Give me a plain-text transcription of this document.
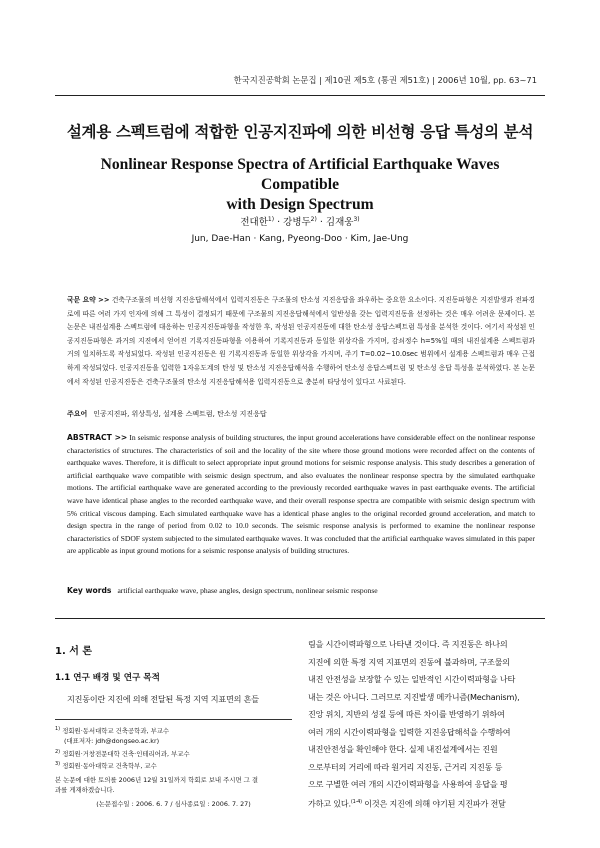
한국지진공학회 논문집 | 제10권 제5호 (통권 제51호) | 2006년 10월, pp. 63~71
설계용 스펙트럼에 적합한 인공지진파에 의한 비선형 응답 특성의 분석
Nonlinear Response Spectra of Artificial Earthquake Waves Compatible
with Design Spectrum
전대한$^{1)}$ · 강병두$^{2)}$ · 김재웅$^{3)}$
Jun, Dae-Han · Kang, Pyeong-Doo · Kim, Jae-Ung

국문 요약 >> 건축구조물의 비선형 지진응답해석에서 입력지진동은 구조물의 탄소성 지진응답을 좌우하는 중요한 요소이다. 지진동파형은 지진발생과 전파경로에 따른 여러 가지 인자에 의해 그 특성이 결정되기 때문에 구조물의 지진응답해석에서 일반성을 갖는 입력지진동을 선정하는 것은 매우 어려운 문제이다. 본 논문은 내진설계용 스펙트럼에 대응하는 인공지진동파형을 작성한 후, 작성된 인공지진동에 대한 탄소성 응답스펙트럼 특성을 분석한 것이다. 여기서 작성된 인공지진동파형은 과거의 지진에서 얻어진 기록지진동파형을 이용하여 기록지진동과 동일한 위상각을 가지며, 감쇠정수 h=5%일 때의 내진설계용 스펙트럼과 거의 일치하도록 작성되었다. 작성된 인공지진동은 원 기록지진동과 동일한 위상각을 가지며, 주기 T=0.02~10.0sec 범위에서 설계용 스펙트럼과 매우 근접하게 작성되었다. 인공지진동을 입력한 1자유도계의 탄성 및 탄소성 지진응답해석을 수행하여 탄소성 응답스펙트럼 및 탄소성 응답 특성을 분석하였다. 본 논문에서 작성된 인공지진동은 건축구조물의 탄소성 지진응답해석용 입력지진동으로 충분히 타당성이 있다고 사료된다.

주요어 인공지진파, 위상특성, 설계용 스펙트럼, 탄소성 지진응답

ABSTRACT >> In seismic response analysis of building structures, the input ground accelerations have considerable effect on the nonlinear response characteristics of structures. The characteristics of soil and the locality of the site where those ground motions were recorded affect on the contents of earthquake waves. Therefore, it is difficult to select appropriate input ground motions for seismic response analysis. This study describes a generation of artificial earthquake wave compatible with seismic design spectrum, and also evaluates the nonlinear response spectra by the simulated earthquake motions. The artificial earthquake wave are generated according to the previously recorded earthquake waves in past earthquake events. The artificial wave have identical phase angles to the recorded earthquake wave, and their overall response spectra are compatible with seismic design spectrum with 5% critical viscous damping. Each simulated earthquake wave has a identical phase angles to the original recorded ground acceleration, and match to design spectra in the range of period from 0.02 to 10.0 seconds. The seismic response analysis is performed to examine the nonlinear response characteristics of SDOF system subjected to the simulated earthquake waves. It was concluded that the artificial earthquake waves simulated in this paper are applicable as input ground motions for a seismic response analysis of building structures.

Key words artificial earthquake wave, phase angles, design spectrum, nonlinear seismic response

1. 서 론

1.1 연구 배경 및 연구 목적

지진동이란 지진에 의해 전달된 특정 지역 지표면의 흔들

$^{1)}$ 정회원·동서대학교 건축공학과, 부교수

(대표저자: jdh@dongseo.ac.kr)

$^{2)}$ 정회원·거창전문대학 건축·인테리어과, 부교수

$^{3)}$ 정회원·동아대학교 건축학부, 교수

본 논문에 대한 토의를 2006년 12월 31일까지 학회로 보내 주시면 그 결

과를 게재하겠습니다.

(논문접수일 : 2006. 6. 7 / 심사종료일 : 2006. 7. 27)

림을 시간이력파형으로 나타낸 것이다. 즉 지진동은 하나의

지진에 의한 특정 지역 지표면의 진동에 불과하며, 구조물의

내진 안전성을 보장할 수 있는 일반적인 시간이력파형을 나타

내는 것은 아니다. 그러므로 지진발생 메카니즘(Mechanism),

진앙 위치, 지반의 성질 등에 따른 차이를 반영하기 위하여

여러 개의 시간이력파형을 입력한 지진응답해석을 수행하여

내진안전성을 확인해야 한다. 실제 내진설계에서는 진원

으로부터의 거리에 따라 원거리 지진동, 근거리 지진동 등

으로 구별한 여러 개의 시간이력파형을 사용하여 응답을 평

가하고 있다.$^{(1-4)}$ 이것은 지진에 의해 야기된 지진파가 전달
